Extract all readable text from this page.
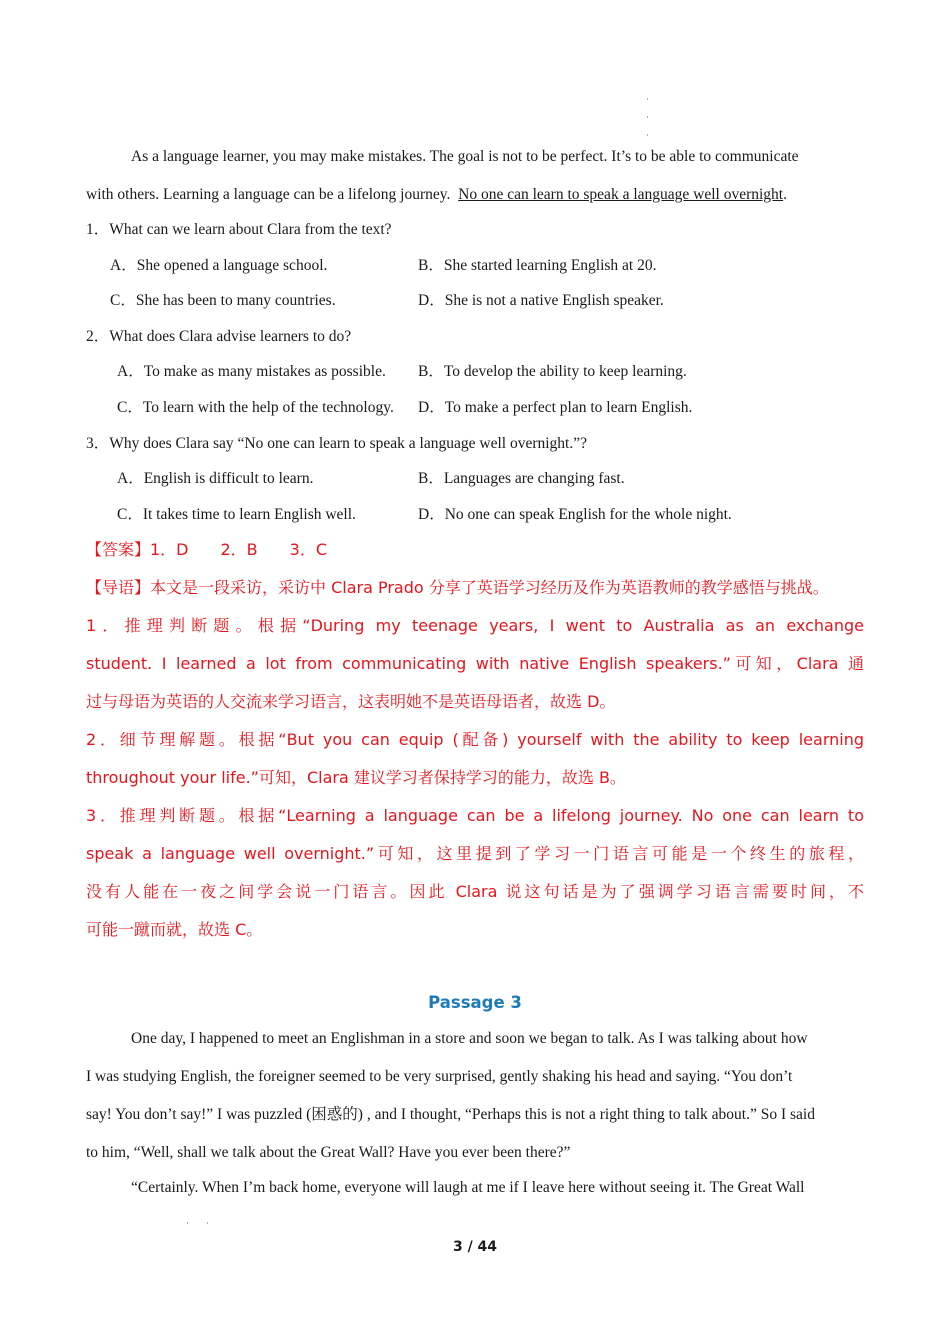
·
·
·
As a language learner, you may make mistakes. The goal is not to be perfect. It’s to be able to communicate
with others. Learning a language can be a lifelong journey. No one can learn to speak a language well overnight.
1．What can we learn about Clara from the text?
A．She opened a language school.	B．She started learning English at 20.
C．She has been to many countries.	D．She is not a native English speaker.
2．What does Clara advise learners to do?
A．To make as many mistakes as possible. B．To develop the ability to keep learning.
C．To learn with the help of the technology. D．To make a perfect plan to learn English.
3．Why does Clara say “No one can learn to speak a language well overnight.”?
A．English is difficult to learn.	B．Languages are changing fast.
C．It takes time to learn English well.	D．No one can speak English for the whole night.

【答案】1．D　　2．B　　3．C

【导语】本文是一段采访，采访中 Clara Prado 分享了英语学习经历及作为英语教师的教学感悟与挑战。

1．推理判断题。根据“During my teenage years, I went to Australia as an exchange
student. I learned a lot from communicating with native English speakers.”可知，Clara 通

过与母语为英语的人交流来学习语言，这表明她不是英语母语者，故选 D。

2．细节理解题。根据“But you can equip (配备) yourself with the ability to keep learning

throughout your life.”可知，Clara 建议学习者保持学习的能力，故选 B。

3．推理判断题。根据“Learning a language can be a lifelong journey. No one can learn to
speak a language well overnight.”可知，这里提到了学习一门语言可能是一个终生的旅程，
没有人能在一夜之间学会说一门语言。因此 Clara 说这句话是为了强调学习语言需要时间，不

可能一蹴而就，故选 C。

Passage 3
One day, I happened to meet an Englishman in a store and soon we began to talk. As I was talking about how
I was studying English, the foreigner seemed to be very surprised, gently shaking his head and saying. “You don’t
say! You don’t say!” I was puzzled (困惑的) , and I thought, “Perhaps this is not a right thing to talk about.” So I said
to him, “Well, shall we talk about the Great Wall? Have you ever been there?”
“Certainly. When I’m back home, everyone will laugh at me if I leave here without seeing it. The Great Wall
· ·
3 / 44
